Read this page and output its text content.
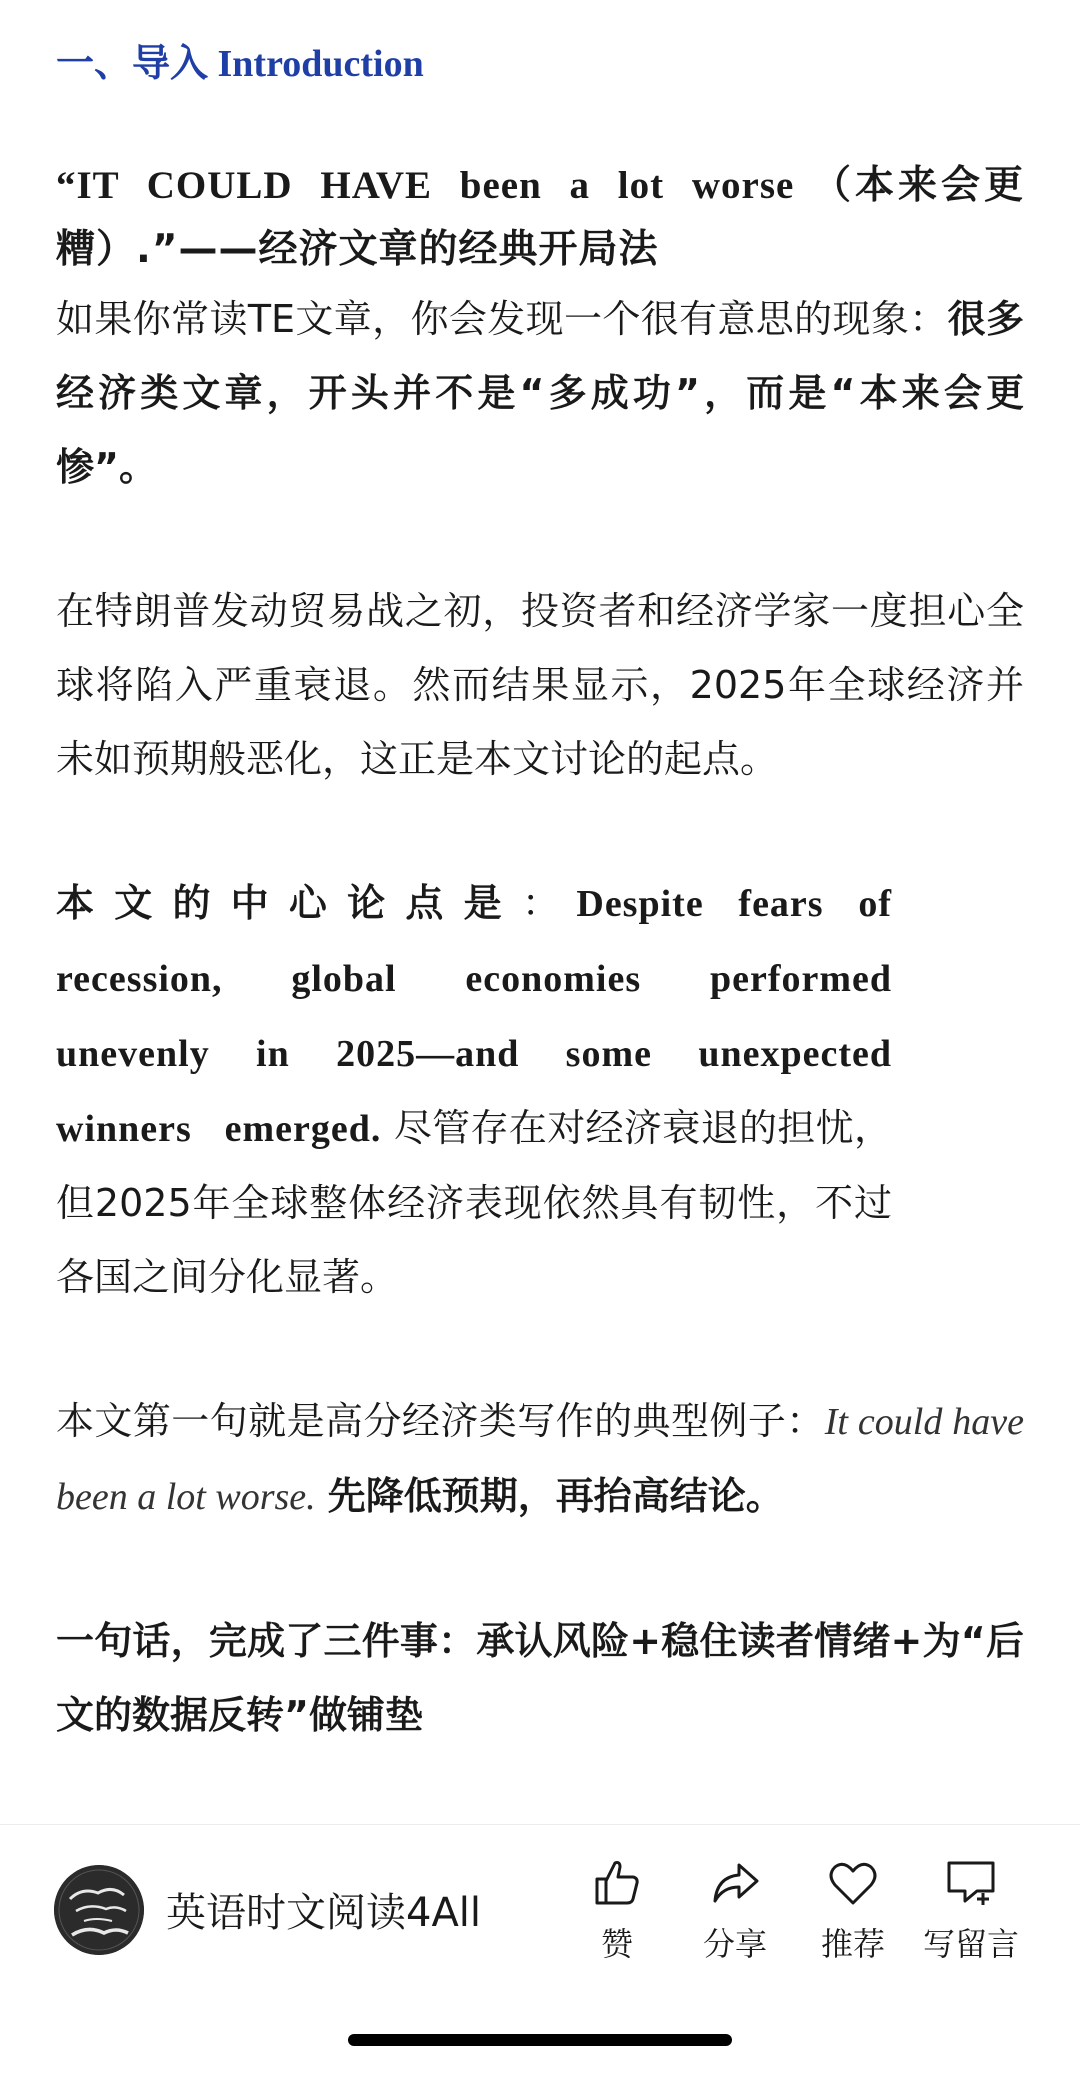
一、导入 Introduction

“IT COULD HAVE been a lot worse （本来会更糟）.”——经济文章的经典开局法

如果你常读TE文章，你会发现一个很有意思的现象：很多经济类文章，开头并不是“多成功”，而是“本来会更惨”。

在特朗普发动贸易战之初，投资者和经济学家一度担心全球将陷入严重衰退。然而结果显示，2025年全球经济并未如预期般恶化，这正是本文讨论的起点。

本文的中心论点是： Despite fears of recession, global economies performed unevenly in 2025—and some unexpected winners emerged. 尽管存在对经济衰退的担忧，但2025年全球整体经济表现依然具有韧性，不过各国之间分化显著。

本文第一句就是高分经济类写作的典型例子：It could have been a lot worse. 先降低预期，再抬高结论。

一句话，完成了三件事：承认风险+稳住读者情绪+为“后文的数据反转”做铺垫

英语时文阅读4All
赞	分享	推荐	写留言
